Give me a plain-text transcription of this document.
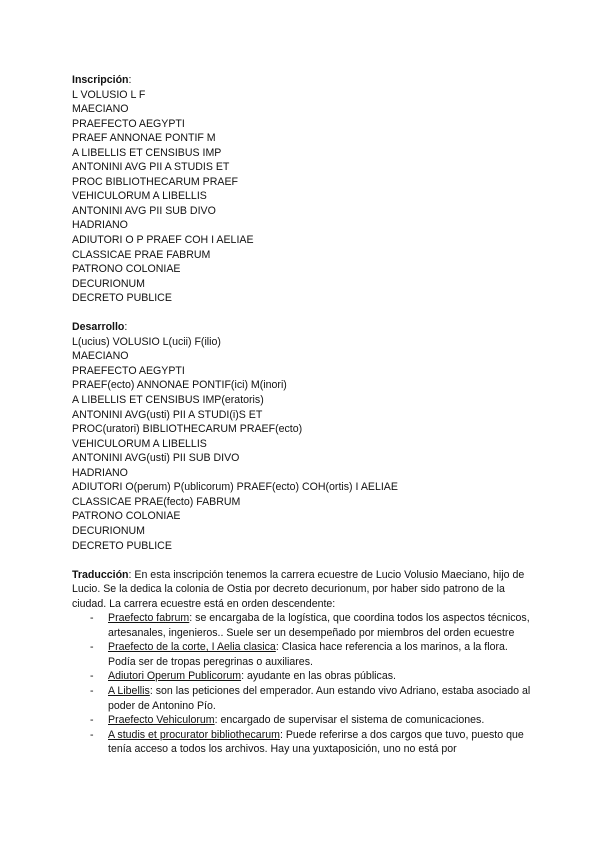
Inscripción:
L VOLUSIO L F
MAECIANO
PRAEFECTO AEGYPTI
PRAEF ANNONAE PONTIF M
A LIBELLIS ET CENSIBUS IMP
ANTONINI AVG PII A STUDIS ET
PROC BIBLIOTHECARUM PRAEF
VEHICULORUM A LIBELLIS
ANTONINI AVG PII SUB DIVO
HADRIANO
ADIUTORI O P PRAEF COH I AELIAE
CLASSICAE PRAE FABRUM
PATRONO COLONIAE
DECURIONUM
DECRETO PUBLICE
Desarrollo:
L(ucius) VOLUSIO L(ucii) F(ilio)
MAECIANO
PRAEFECTO AEGYPTI
PRAEF(ecto) ANNONAE PONTIF(ici) M(inori)
A LIBELLIS ET CENSIBUS IMP(eratoris)
ANTONINI AVG(usti) PII A STUDI(i)S ET
PROC(uratori) BIBLIOTHECARUM PRAEF(ecto)
VEHICULORUM A LIBELLIS
ANTONINI AVG(usti) PII SUB DIVO
HADRIANO
ADIUTORI O(perum) P(ublicorum) PRAEF(ecto) COH(ortis) I AELIAE
CLASSICAE PRAE(fecto) FABRUM
PATRONO COLONIAE
DECURIONUM
DECRETO PUBLICE
Traducción: En esta inscripción tenemos la carrera ecuestre de Lucio Volusio Maeciano, hijo de Lucio. Se la dedica la colonia de Ostia por decreto decurionum, por haber sido patrono de la ciudad. La carrera ecuestre está en orden descendente:
- Praefecto fabrum: se encargaba de la logística, que coordina todos los aspectos técnicos, artesanales, ingenieros.. Suele ser un desempeñado por miembros del orden ecuestre
- Praefecto de la corte, I Aelia clasica: Clasica hace referencia a los marinos, a la flora. Podía ser de tropas peregrinas o auxiliares.
- Adiutori Operum Publicorum: ayudante en las obras públicas.
- A Libellis: son las peticiones del emperador. Aun estando vivo Adriano, estaba asociado al poder de Antonino Pío.
- Praefecto Vehiculorum: encargado de supervisar el sistema de comunicaciones.
- A studis et procurator bibliothecarum: Puede referirse a dos cargos que tuvo, puesto que tenía acceso a todos los archivos. Hay una yuxtaposición, uno no está por
